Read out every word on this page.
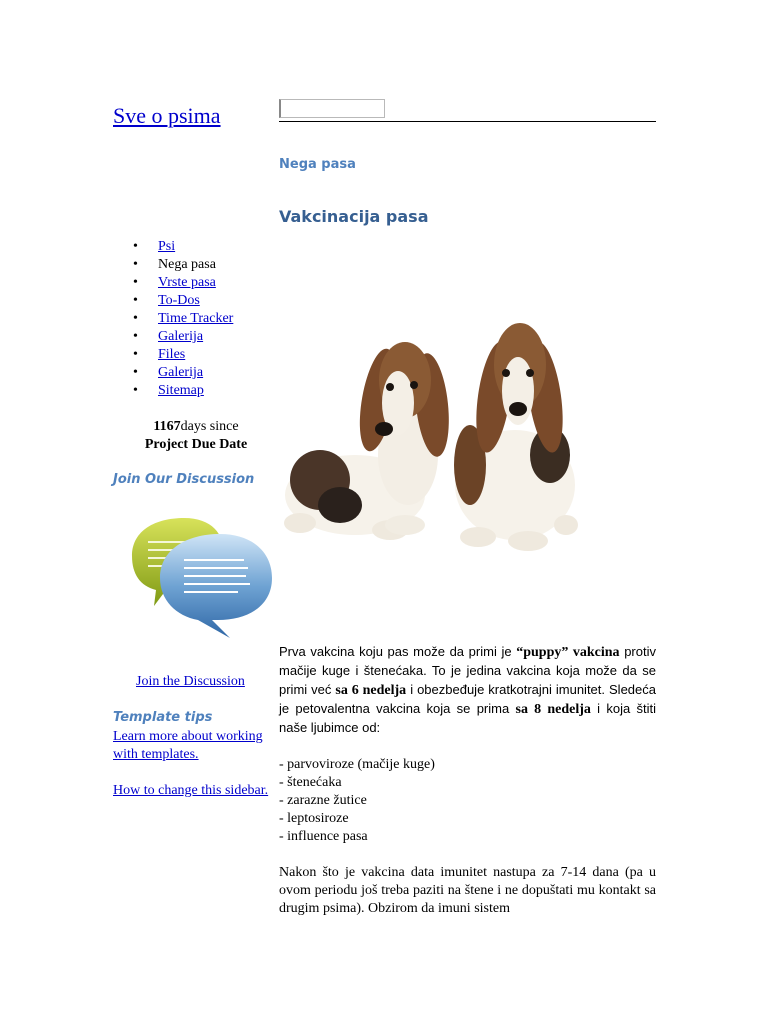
Sve o psima
Nega pasa
Vakcinacija pasa
• Psi
• Nega pasa
• Vrste pasa
• To-Dos
• Time Tracker
• Galerija
• Files
• Galerija
• Sitemap
1167days since
Project Due Date
Join Our Discussion
Join the Discussion
Template tips
Learn more about working with templates.
How to change this sidebar.

Prva vakcina koju pas može da primi je “puppy” vakcina protiv mačije kuge i štenećaka. To je jedina vakcina koja može da se primi već sa 6 nedelja i obezbeđuje kratkotrajni imunitet. Sledeća je petovalentna vakcina koja se prima sa 8 nedelja i koja štiti naše ljubimce od:

- parvoviroze (mačije kuge)
- štenećaka
- zarazne žutice
- leptosiroze
- influence pasa

Nakon što je vakcina data imunitet nastupa za 7-14 dana (pa u ovom periodu još treba paziti na štene i ne dopuštati mu kontakt sa drugim psima). Obzirom da imuni sistem
